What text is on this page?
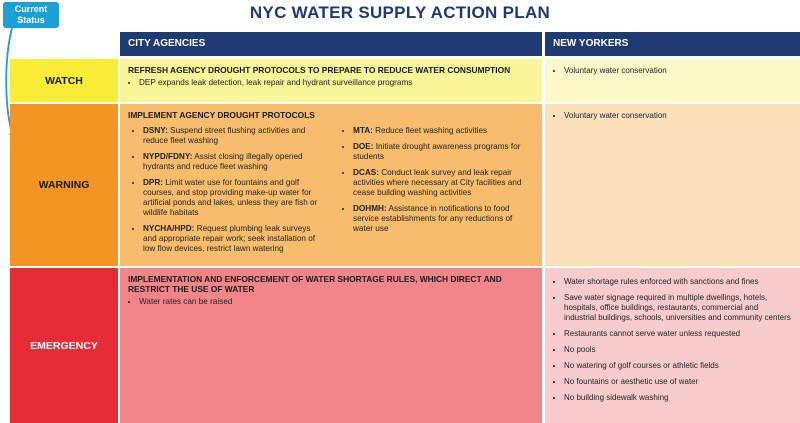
NYC WATER SUPPLY ACTION PLAN
Current
Status
CITY AGENCIES	NEW YORKERS
WATCH
REFRESH AGENCY DROUGHT PROTOCOLS TO PREPARE TO REDUCE WATER CONSUMPTION
• DEP expands leak detection, leak repair and hydrant surveillance programs
• Voluntary water conservation
WARNING
IMPLEMENT AGENCY DROUGHT PROTOCOLS
• DSNY: Suspend street flushing activities and reduce fleet washing
• NYPD/FDNY: Assist closing illegally opened hydrants and reduce fleet washing
• DPR: Limit water use for fountains and golf courses, and stop providing make-up water for artificial ponds and lakes, unless they are fish or wildlife habitats
• NYCHA/HPD: Request plumbing leak surveys and appropriate repair work; seek installation of low flow devices, restrict lawn watering
• MTA: Reduce fleet washing activities
• DOE: Initiate drought awareness programs for students
• DCAS: Conduct leak survey and leak repair activities where necessary at City facilities and cease building washing activities
• DOHMH: Assistance in notifications to food service establishments for any reductions of water use
• Voluntary water conservation
EMERGENCY
IMPLEMENTATION AND ENFORCEMENT OF WATER SHORTAGE RULES, WHICH DIRECT AND RESTRICT THE USE OF WATER
• Water rates can be raised
• Water shortage rules enforced with sanctions and fines
• Save water signage required in multiple dwellings, hotels, hospitals, office buildings, restaurants, commercial and industrial buildings, schools, universities and community centers
• Restaurants cannot serve water unless requested
• No pools
• No watering of golf courses or athletic fields
• No fountains or aesthetic use of water
• No building sidewalk washing
